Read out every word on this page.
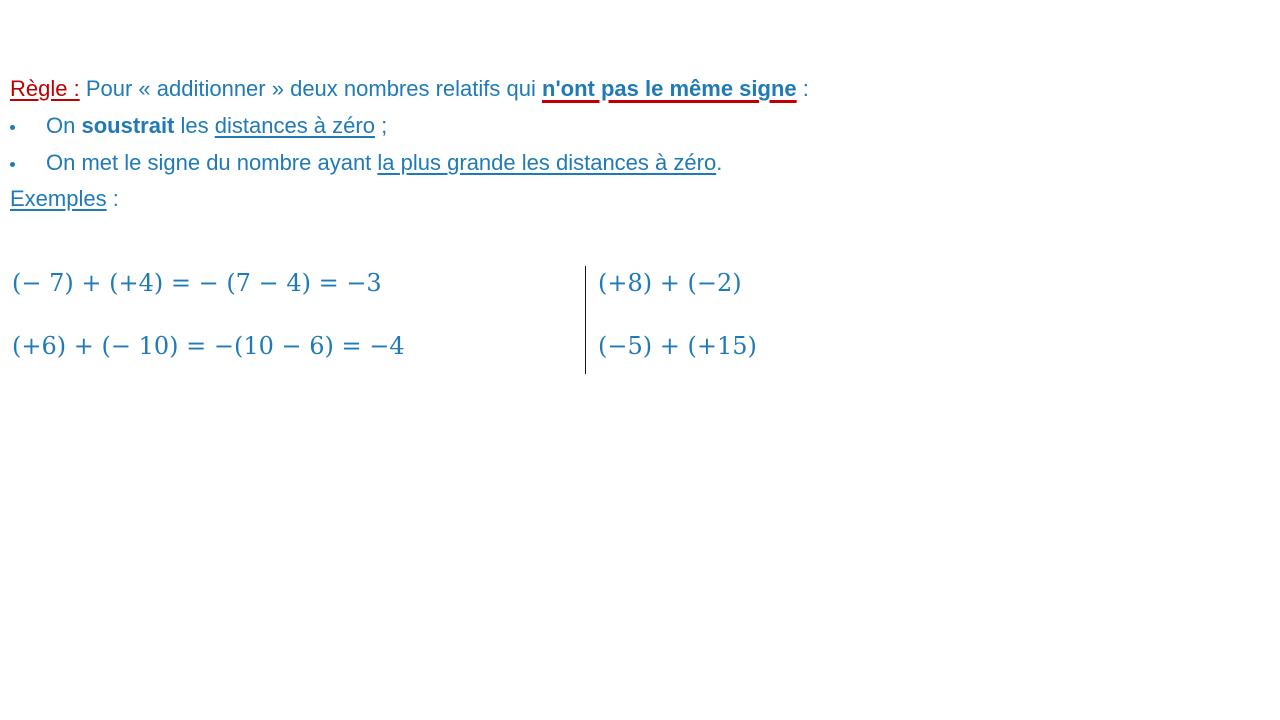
Règle : Pour « additionner » deux nombres relatifs qui n'ont pas le même signe :
On soustrait les distances à zéro ;
On met le signe du nombre ayant la plus grande les distances à zéro.
Exemples :
(− 7) + (+4) = − (7 − 4) = −3
(+6) + (− 10) = −(10 − 6) = −4
(+8) + (−2)
(−5) + (+15)
